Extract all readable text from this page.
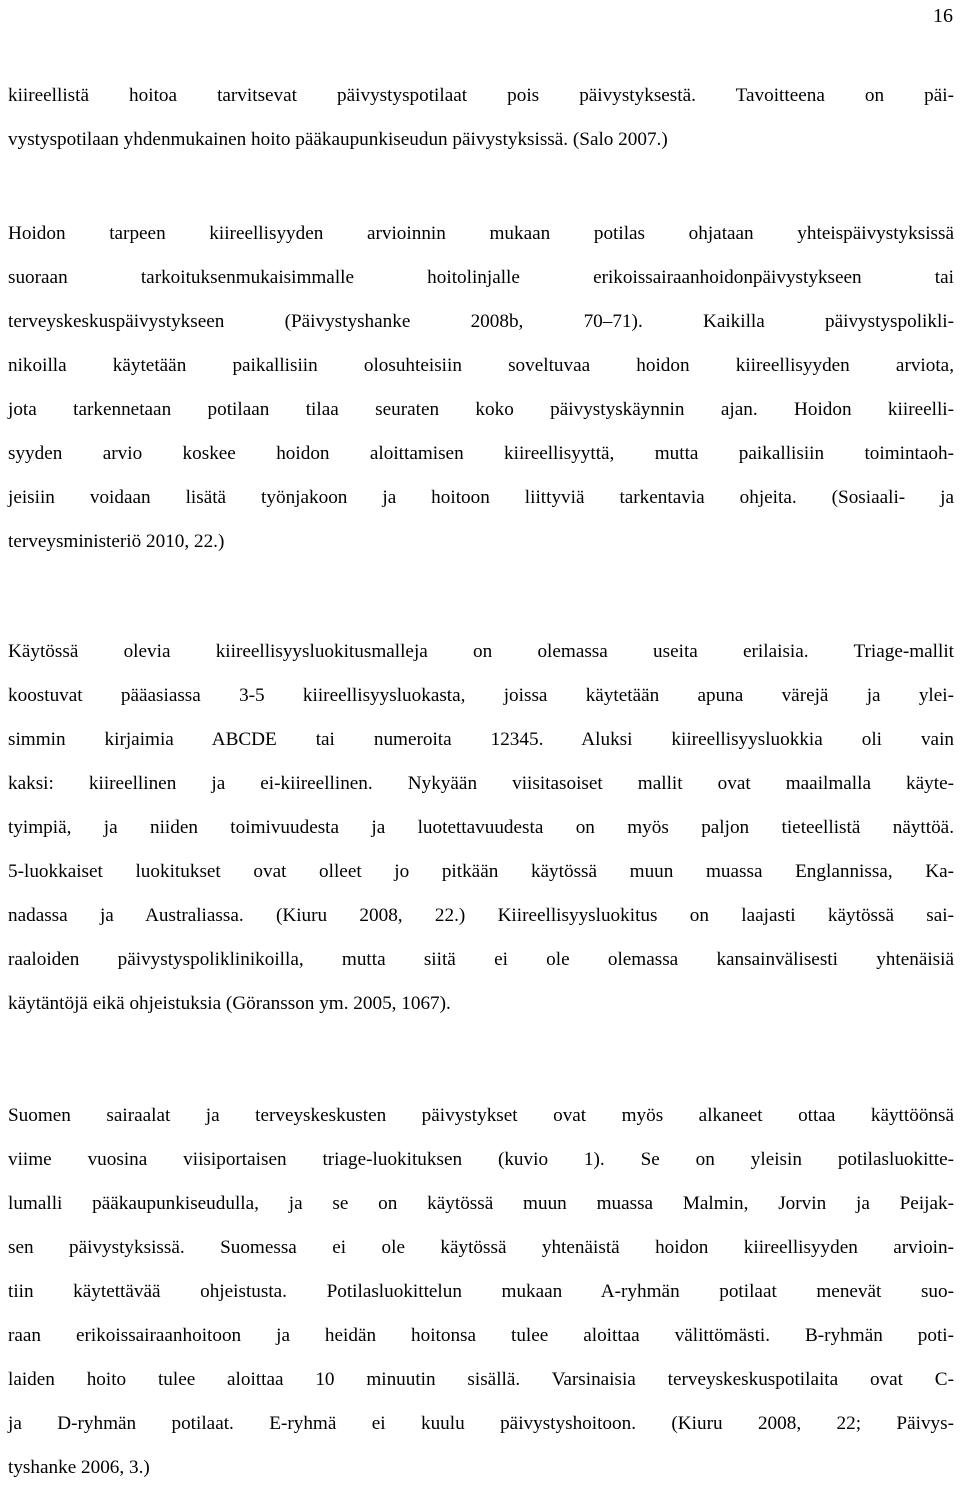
16
kiireellistä hoitoa tarvitsevat päivystyspotilaat pois päivystyksestä. Tavoitteena on päi-
vystyspotilaan yhdenmukainen hoito pääkaupunkiseudun päivystyksissä. (Salo 2007.)
Hoidon tarpeen kiireellisyyden arvioinnin mukaan potilas ohjataan yhteispäivystyksissä
suoraan tarkoituksenmukaisimmalle hoitolinjalle erikoissairaanhoidonpäivystykseen tai
terveyskeskuspäivystykseen (Päivystyshanke 2008b, 70–71). Kaikilla päivystyspolikli-
nikoilla käytetään paikallisiin olosuhteisiin soveltuvaa hoidon kiireellisyyden arviota,
jota tarkennetaan potilaan tilaa seuraten koko päivystyskäynnin ajan. Hoidon kiireelli-
syyden arvio koskee hoidon aloittamisen kiireellisyyttä, mutta paikallisiin toimintaoh-
jeisiin voidaan lisätä työnjakoon ja hoitoon liittyviä tarkentavia ohjeita. (Sosiaali- ja
terveysministeriö 2010, 22.)
Käytössä olevia kiireellisyysluokitusmalleja on olemassa useita erilaisia. Triage-mallit
koostuvat pääasiassa 3-5 kiireellisyysluokasta, joissa käytetään apuna värejä ja ylei-
simmin kirjaimia ABCDE tai numeroita 12345. Aluksi kiireellisyysluokkia oli vain
kaksi: kiireellinen ja ei-kiireellinen. Nykyään viisitasoiset mallit ovat maailmalla käyte-
tyimpiä, ja niiden toimivuudesta ja luotettavuudesta on myös paljon tieteellistä näyttöä.
5-luokkaiset luokitukset ovat olleet jo pitkään käytössä muun muassa Englannissa, Ka-
nadassa ja Australiassa. (Kiuru 2008, 22.) Kiireellisyysluokitus on laajasti käytössä sai-
raaloiden päivystyspoliklinikoilla, mutta siitä ei ole olemassa kansainvälisesti yhtenäisiä
käytäntöjä eikä ohjeistuksia (Göransson ym. 2005, 1067).
Suomen sairaalat ja terveyskeskusten päivystykset ovat myös alkaneet ottaa käyttöönsä
viime vuosina viisiportaisen triage-luokituksen (kuvio 1). Se on yleisin potilasluokitte-
lumalli pääkaupunkiseudulla, ja se on käytössä muun muassa Malmin, Jorvin ja Peijak-
sen päivystyksissä. Suomessa ei ole käytössä yhtenäistä hoidon kiireellisyyden arvioin-
tiin käytettävää ohjeistusta. Potilasluokittelun mukaan A-ryhmän potilaat menevät suo-
raan erikoissairaanhoitoon ja heidän hoitonsa tulee aloittaa välittömästi. B-ryhmän poti-
laiden hoito tulee aloittaa 10 minuutin sisällä. Varsinaisia terveyskeskuspotilaita ovat C-
ja D-ryhmän potilaat. E-ryhmä ei kuulu päivystyshoitoon. (Kiuru 2008, 22; Päivys-
tyshanke 2006, 3.)
